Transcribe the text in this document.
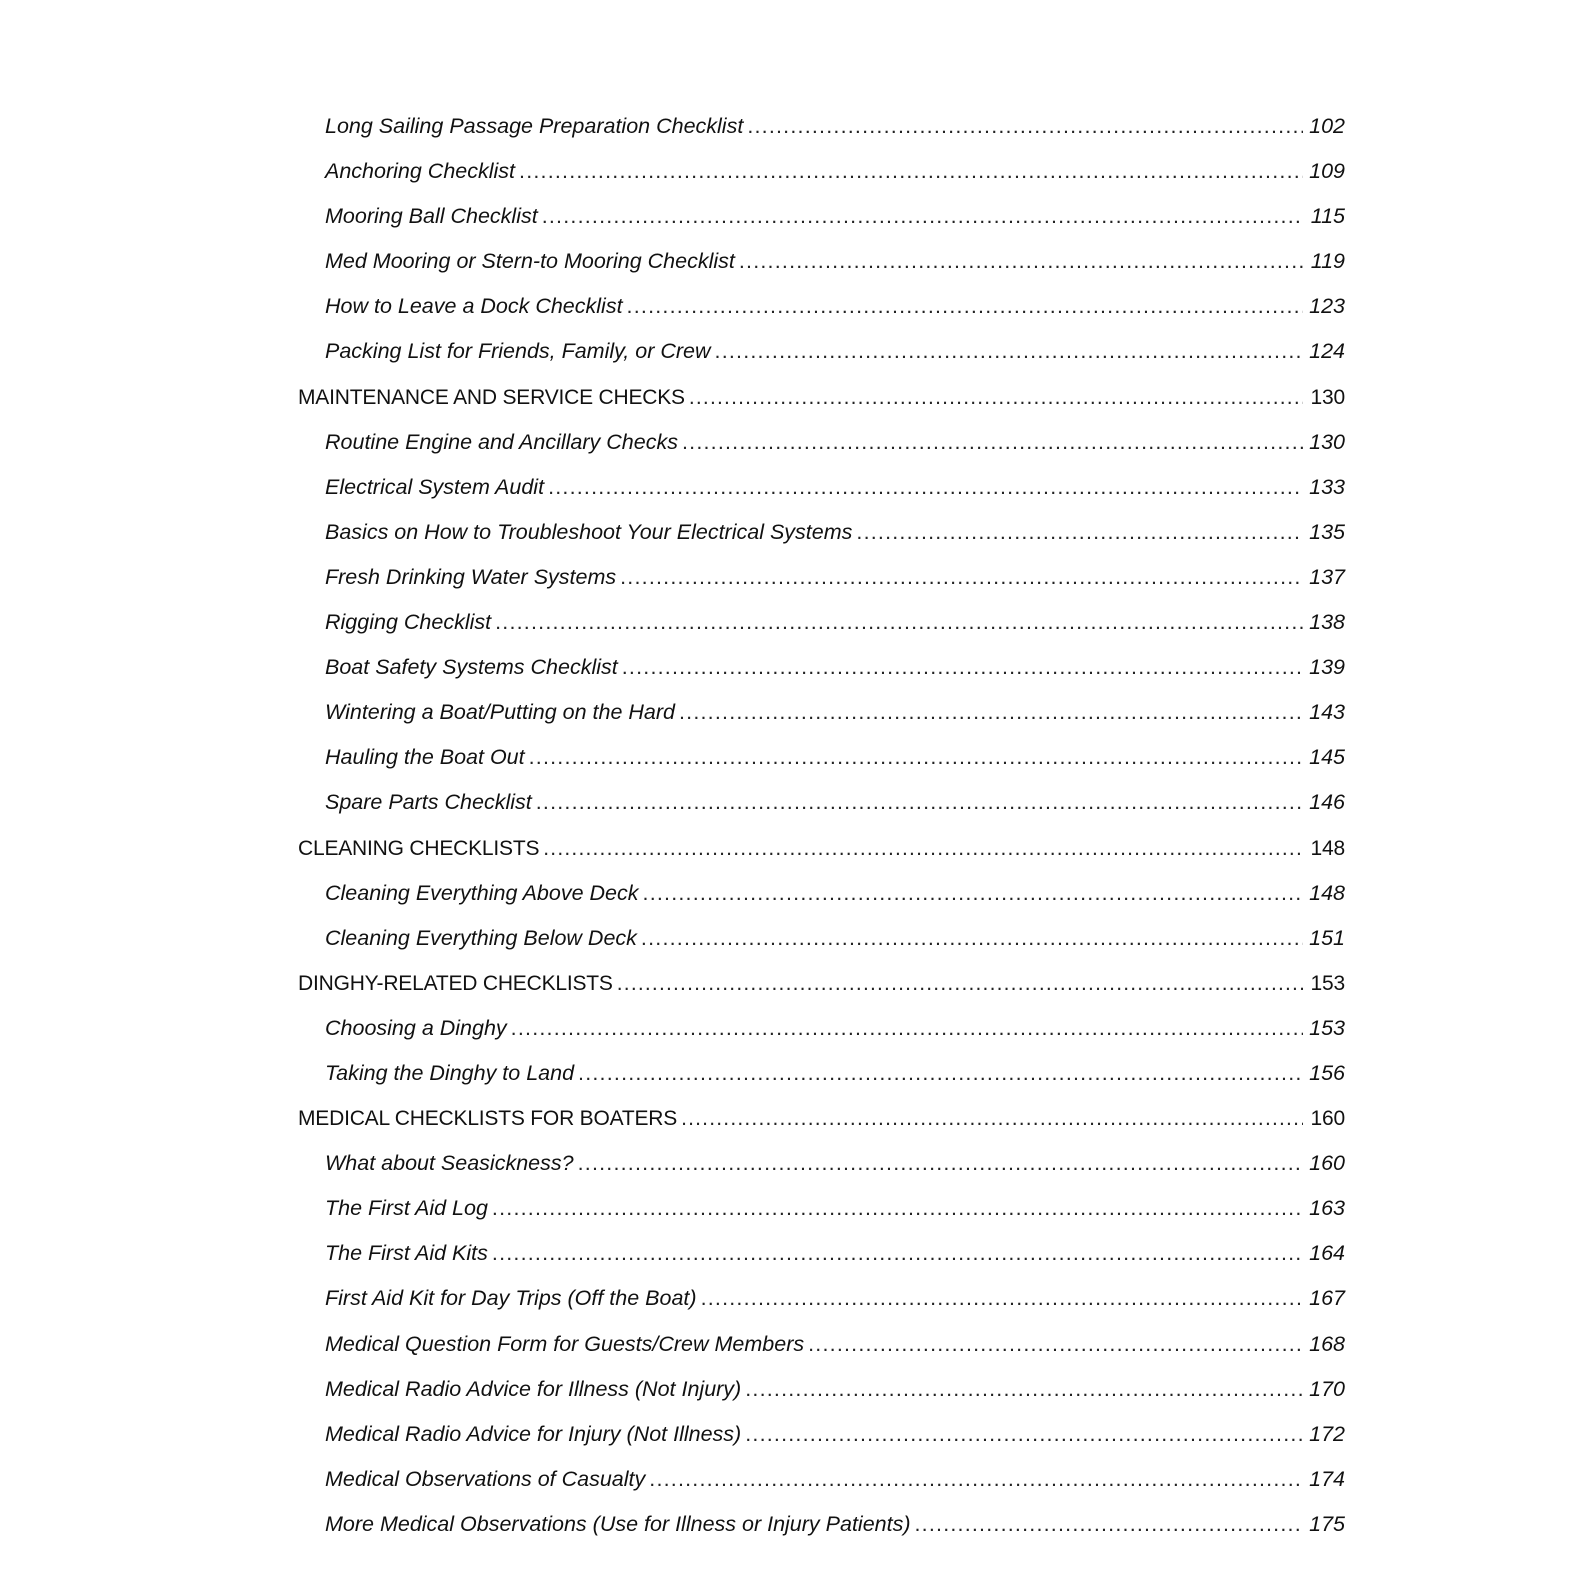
Long Sailing Passage Preparation Checklist .....	102
Anchoring Checklist .....	109
Mooring Ball Checklist .....	115
Med Mooring or Stern-to Mooring Checklist .....	119
How to Leave a Dock Checklist .....	123
Packing List for Friends, Family, or Crew .....	124
MAINTENANCE AND SERVICE CHECKS .....	130
Routine Engine and Ancillary Checks .....	130
Electrical System Audit .....	133
Basics on How to Troubleshoot Your Electrical Systems .....	135
Fresh Drinking Water Systems .....	137
Rigging Checklist .....	138
Boat Safety Systems Checklist .....	139
Wintering a Boat/Putting on the Hard .....	143
Hauling the Boat Out .....	145
Spare Parts Checklist .....	146
CLEANING CHECKLISTS .....	148
Cleaning Everything Above Deck .....	148
Cleaning Everything Below Deck .....	151
DINGHY-RELATED CHECKLISTS .....	153
Choosing a Dinghy .....	153
Taking the Dinghy to Land .....	156
MEDICAL CHECKLISTS FOR BOATERS .....	160
What about Seasickness? .....	160
The First Aid Log .....	163
The First Aid Kits .....	164
First Aid Kit for Day Trips (Off the Boat) .....	167
Medical Question Form for Guests/Crew Members .....	168
Medical Radio Advice for Illness (Not Injury) .....	170
Medical Radio Advice for Injury (Not Illness) .....	172
Medical Observations of Casualty .....	174
More Medical Observations (Use for Illness or Injury Patients) .....	175
